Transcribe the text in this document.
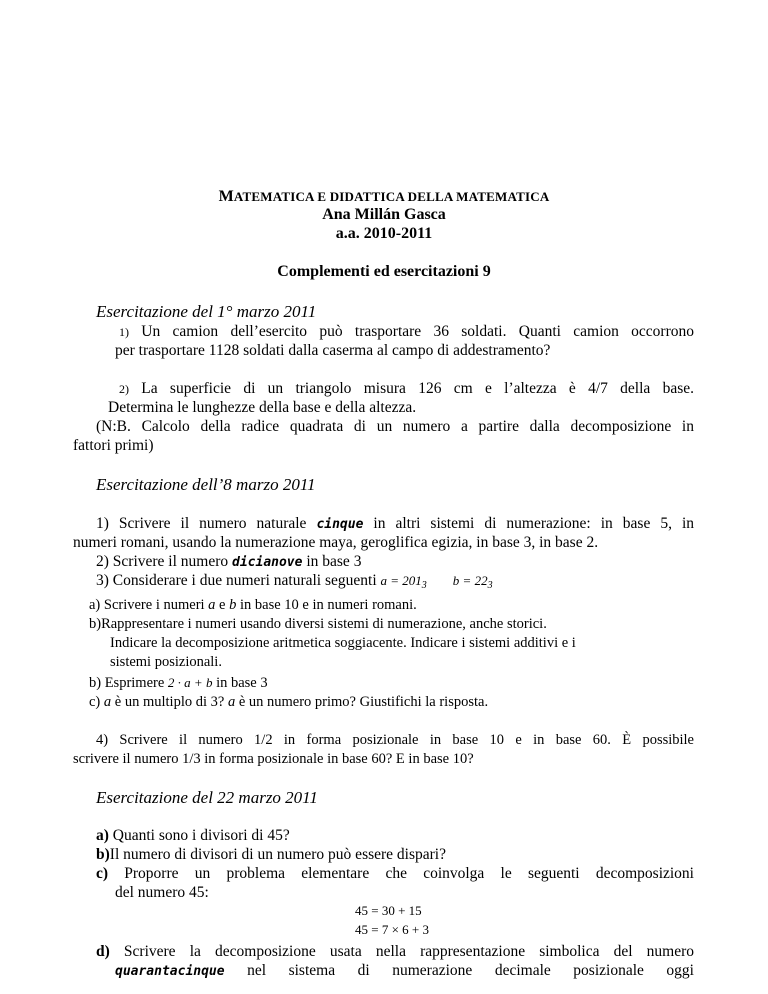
MATEMATICA E DIDATTICA DELLA MATEMATICA
Ana Millán Gasca
a.a. 2010-2011
Complementi ed esercitazioni 9
Esercitazione del 1° marzo 2011
1) Un camion dell’esercito può trasportare 36 soldati. Quanti camion occorrono
per trasportare 1128 soldati dalla caserma al campo di addestramento?
2) La superficie di un triangolo misura 126 cm e l’altezza è 4/7 della base.
Determina le lunghezze della base e della altezza.
(N:B. Calcolo della radice quadrata di un numero a partire dalla decomposizione in
fattori primi)
Esercitazione dell’8 marzo 2011
1) Scrivere il numero naturale cinque in altri sistemi di numerazione: in base 5, in
numeri romani, usando la numerazione maya, geroglifica egizia, in base 3, in base 2.
2) Scrivere il numero dicianove in base 3
3) Considerare i due numeri naturali seguenti $a = 201_3$ $b = 22_3$
a) Scrivere i numeri a e b in base 10 e in numeri romani.
b)Rappresentare i numeri usando diversi sistemi di numerazione, anche storici.
Indicare la decomposizione aritmetica soggiacente. Indicare i sistemi additivi e i
sistemi posizionali.
b) Esprimere 2 · a + b in base 3
c) a è un multiplo di 3? a è un numero primo? Giustifichi la risposta.
4) Scrivere il numero 1/2 in forma posizionale in base 10 e in base 60. È possibile
scrivere il numero 1/3 in forma posizionale in base 60? E in base 10?
Esercitazione del 22 marzo 2011
a) Quanti sono i divisori di 45?
b)Il numero di divisori di un numero può essere dispari?
c) Proporre un problema elementare che coinvolga le seguenti decomposizioni
del numero 45:
45 = 30 + 15
45 = 7 × 6 + 3
d) Scrivere la decomposizione usata nella rappresentazione simbolica del numero
quarantacinque nel sistema di numerazione decimale posizionale oggi
